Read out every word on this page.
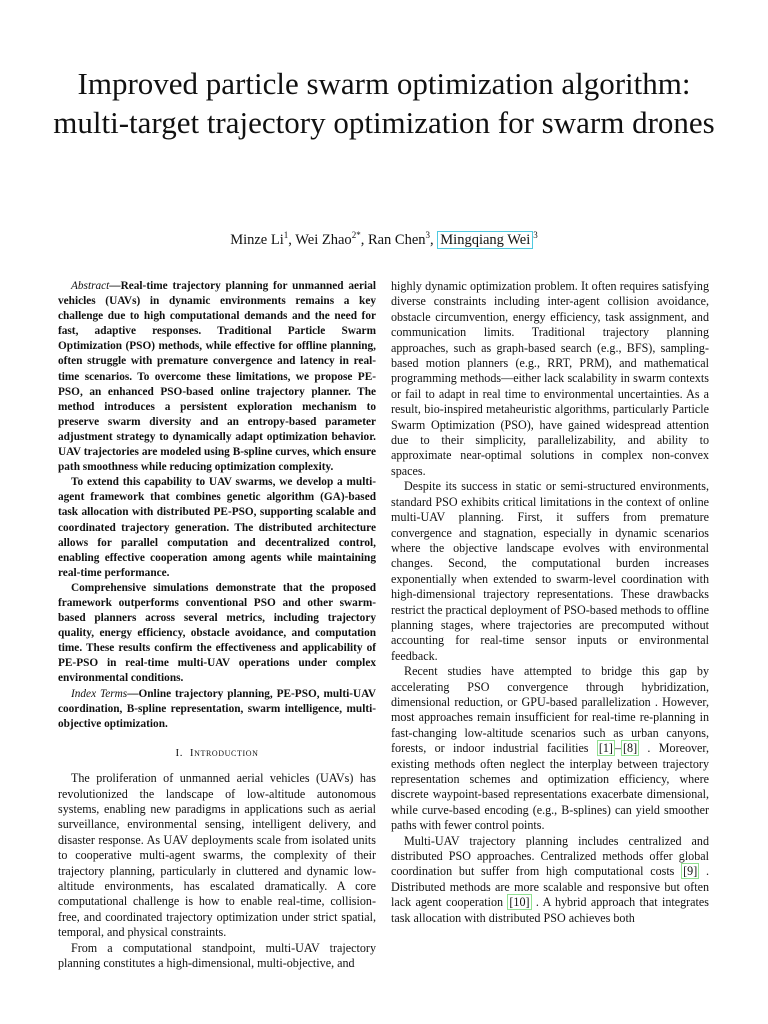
Improved particle swarm optimization algorithm: multi-target trajectory optimization for swarm drones
Minze Li$^1$, Wei Zhao$^{2*}$, Ran Chen$^3$, Mingqiang Wei $^3$

Abstract—Real-time trajectory planning for unmanned aerial vehicles (UAVs) in dynamic environments remains a key challenge due to high computational demands and the need for fast, adaptive responses. Traditional Particle Swarm Optimization (PSO) methods, while effective for offline planning, often struggle with premature convergence and latency in real-time scenarios. To overcome these limitations, we propose PE-PSO, an enhanced PSO-based online trajectory planner. The method introduces a persistent exploration mechanism to preserve swarm diversity and an entropy-based parameter adjustment strategy to dynamically adapt optimization behavior. UAV trajectories are modeled using B-spline curves, which ensure path smoothness while reducing optimization complexity.

To extend this capability to UAV swarms, we develop a multi-agent framework that combines genetic algorithm (GA)-based task allocation with distributed PE-PSO, supporting scalable and coordinated trajectory generation. The distributed architecture allows for parallel computation and decentralized control, enabling effective cooperation among agents while maintaining real-time performance.

Comprehensive simulations demonstrate that the proposed framework outperforms conventional PSO and other swarm-based planners across several metrics, including trajectory quality, energy efficiency, obstacle avoidance, and computation time. These results confirm the effectiveness and applicability of PE-PSO in real-time multi-UAV operations under complex environmental conditions.

Index Terms—Online trajectory planning, PE-PSO, multi-UAV coordination, B-spline representation, swarm intelligence, multi-objective optimization.

I. Introduction

The proliferation of unmanned aerial vehicles (UAVs) has revolutionized the landscape of low-altitude autonomous systems, enabling new paradigms in applications such as aerial surveillance, environmental sensing, intelligent delivery, and disaster response. As UAV deployments scale from isolated units to cooperative multi-agent swarms, the complexity of their trajectory planning, particularly in cluttered and dynamic low-altitude environments, has escalated dramatically. A core computational challenge is how to enable real-time, collision-free, and coordinated trajectory optimization under strict spatial, temporal, and physical constraints.

From a computational standpoint, multi-UAV trajectory planning constitutes a high-dimensional, multi-objective, and

highly dynamic optimization problem. It often requires satisfying diverse constraints including inter-agent collision avoidance, obstacle circumvention, energy efficiency, task assignment, and communication limits. Traditional trajectory planning approaches, such as graph-based search (e.g., BFS), sampling-based motion planners (e.g., RRT, PRM), and mathematical programming methods—either lack scalability in swarm contexts or fail to adapt in real time to environmental uncertainties. As a result, bio-inspired metaheuristic algorithms, particularly Particle Swarm Optimization (PSO), have gained widespread attention due to their simplicity, parallelizability, and ability to approximate near-optimal solutions in complex non-convex spaces.

Despite its success in static or semi-structured environments, standard PSO exhibits critical limitations in the context of online multi-UAV planning. First, it suffers from premature convergence and stagnation, especially in dynamic scenarios where the objective landscape evolves with environmental changes. Second, the computational burden increases exponentially when extended to swarm-level coordination with high-dimensional trajectory representations. These drawbacks restrict the practical deployment of PSO-based methods to offline planning stages, where trajectories are precomputed without accounting for real-time sensor inputs or environmental feedback.

Recent studies have attempted to bridge this gap by accelerating PSO convergence through hybridization, dimensional reduction, or GPU-based parallelization . However, most approaches remain insufficient for real-time re-planning in fast-changing low-altitude scenarios such as urban canyons, forests, or indoor industrial facilities [1] – [8] . Moreover, existing methods often neglect the interplay between trajectory representation schemes and optimization efficiency, where discrete waypoint-based representations exacerbate dimensional, while curve-based encoding (e.g., B-splines) can yield smoother paths with fewer control points.

Multi-UAV trajectory planning includes centralized and distributed PSO approaches. Centralized methods offer global coordination but suffer from high computational costs [9] . Distributed methods are more scalable and responsive but often lack agent cooperation [10] . A hybrid approach that integrates task allocation with distributed PSO achieves both
